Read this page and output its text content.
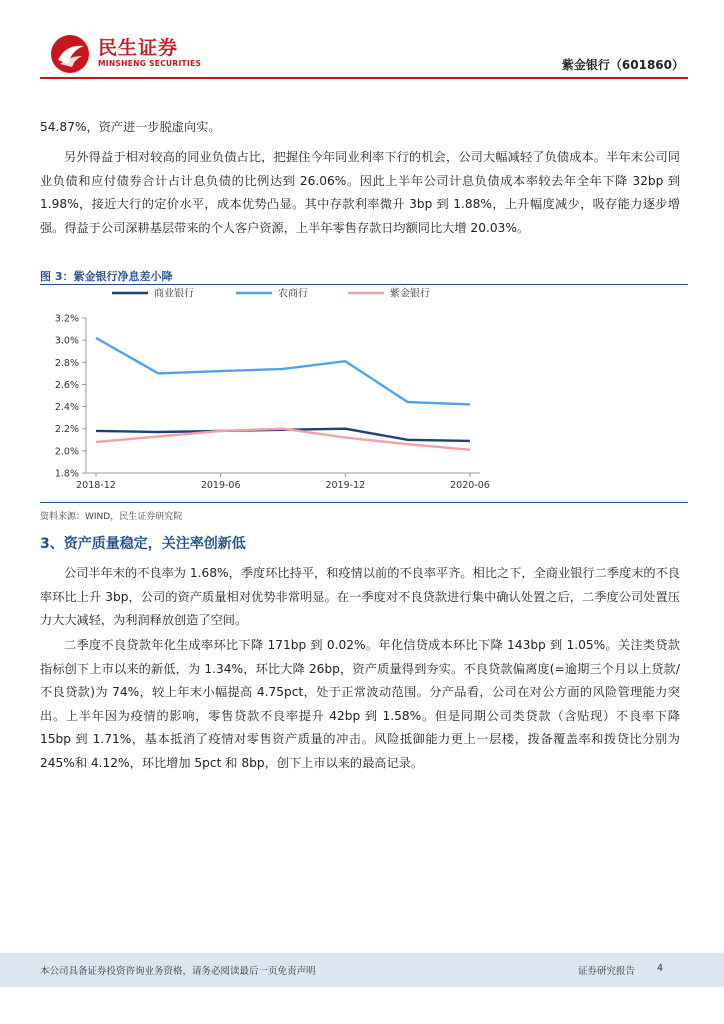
民生证券
MINSHENG SECURITIES	紫金银行（601860）

54.87%，资产进一步脱虚向实。

另外得益于相对较高的同业负债占比，把握住今年同业利率下行的机会，公司大幅减轻了负债成本。半年末公司同业负债和应付债券合计占计息负债的比例达到 26.06%。因此上半年公司计息负债成本率较去年全年下降 32bp 到 1.98%，接近大行的定价水平，成本优势凸显。其中存款利率微升 3bp 到 1.88%，上升幅度减少，吸存能力逐步增强。得益于公司深耕基层带来的个人客户资源，上半年零售存款日均额同比大增 20.03%。

图 3：紫金银行净息差小降
商业银行	农商行	紫金银行
1.8%
2.0%
2.2%
2.4%
2.6%
2.8%
3.0%
3.2%
2018-12	2019-06	2019-12	2020-06
资料来源：WIND，民生证券研究院
3、资产质量稳定，关注率创新低

公司半年末的不良率为 1.68%，季度环比持平，和疫情以前的不良率平齐。相比之下，全商业银行二季度末的不良率环比上升 3bp，公司的资产质量相对优势非常明显。在一季度对不良贷款进行集中确认处置之后，二季度公司处置压力大大减轻，为利润释放创造了空间。

二季度不良贷款年化生成率环比下降 171bp 到 0.02%。年化信贷成本环比下降 143bp 到 1.05%。关注类贷款指标创下上市以来的新低，为 1.34%，环比大降 26bp，资产质量得到夯实。不良贷款偏离度(=逾期三个月以上贷款/不良贷款)为 74%，较上年末小幅提高 4.75pct，处于正常波动范围。分产品看，公司在对公方面的风险管理能力突出。上半年因为疫情的影响，零售贷款不良率提升 42bp 到 1.58%。但是同期公司类贷款（含贴现）不良率下降 15bp 到 1.71%，基本抵消了疫情对零售资产质量的冲击。风险抵御能力更上一层楼，拨备覆盖率和拨贷比分别为 245%和 4.12%，环比增加 5pct 和 8bp，创下上市以来的最高记录。

本公司具备证券投资咨询业务资格，请务必阅读最后一页免责声明	证券研究报告 4
